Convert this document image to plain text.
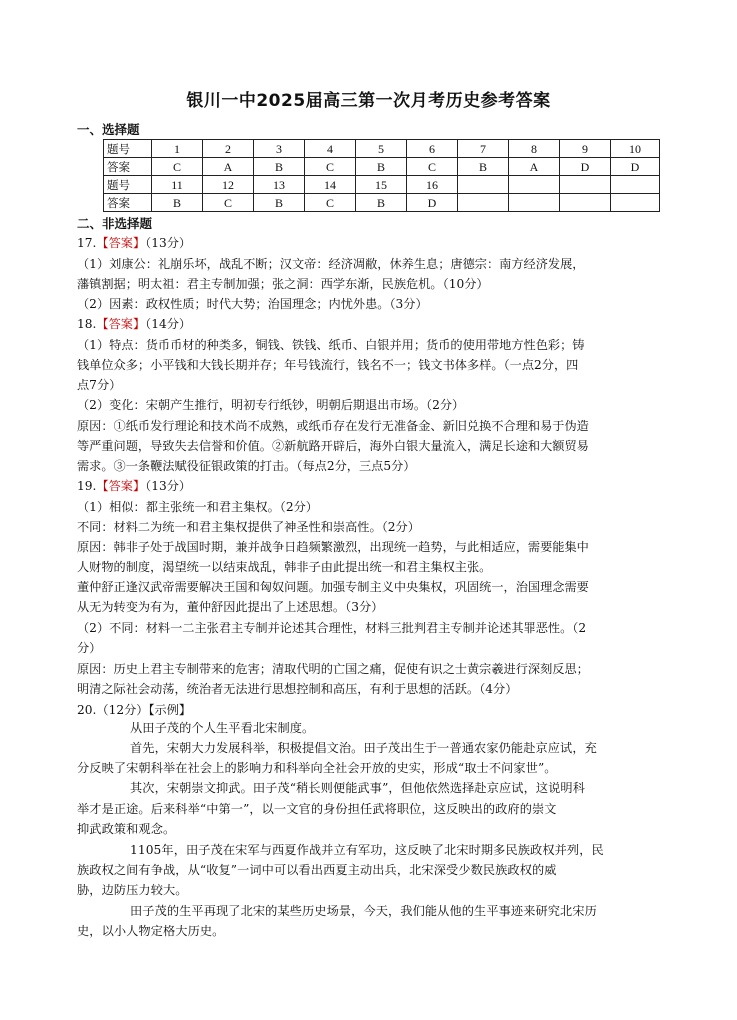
银川一中2025届高三第一次月考历史参考答案
一、选择题
题号	1	2	3	4	5	6	7	8	9	10
答案	C	A	B	C	B	C	B	A	D	D
题号	11	12	13	14	15	16				
答案	B	C	B	C	B	D				
二、非选择题
17.【答案】（13分）
（1）刘康公：礼崩乐坏，战乱不断；汉文帝：经济凋敝，休养生息；唐德宗：南方经济发展，
藩镇割据；明太祖：君主专制加强；张之洞：西学东渐，民族危机。（10分）
（2）因素：政权性质；时代大势；治国理念；内忧外患。（3分）
18.【答案】（14分）
（1）特点：货币币材的种类多，铜钱、铁钱、纸币、白银并用；货币的使用带地方性色彩；铸
钱单位众多；小平钱和大钱长期并存；年号钱流行，钱名不一；钱文书体多样。（一点2分，四
点7分）
（2）变化：宋朝产生推行，明初专行纸钞，明朝后期退出市场。（2分）
原因：①纸币发行理论和技术尚不成熟，或纸币存在发行无准备金、新旧兑换不合理和易于伪造
等严重问题，导致失去信誉和价值。②新航路开辟后，海外白银大量流入，满足长途和大额贸易
需求。③一条鞭法赋役征银政策的打击。（每点2分，三点5分）
19.【答案】（13分）
（1）相似：都主张统一和君主集权。（2分）
不同：材料二为统一和君主集权提供了神圣性和崇高性。（2分）
原因：韩非子处于战国时期，兼并战争日趋频繁激烈，出现统一趋势，与此相适应，需要能集中
人财物的制度，渴望统一以结束战乱，韩非子由此提出统一和君主集权主张。
董仲舒正逢汉武帝需要解决王国和匈奴问题。加强专制主义中央集权，巩固统一，治国理念需要
从无为转变为有为，董仲舒因此提出了上述思想。（3分）
（2）不同：材料一二主张君主专制并论述其合理性，材料三批判君主专制并论述其罪恶性。（2
分）
原因：历史上君主专制带来的危害；清取代明的亡国之痛，促使有识之士黄宗羲进行深刻反思；
明清之际社会动荡，统治者无法进行思想控制和高压，有利于思想的活跃。（4分）
20.（12分）【示例】
从田子茂的个人生平看北宋制度。
首先，宋朝大力发展科举，积极提倡文治。田子茂出生于一普通农家仍能赴京应试，充
分反映了宋朝科举在社会上的影响力和科举向全社会开放的史实，形成“取士不问家世”。
其次，宋朝崇文抑武。田子茂“稍长则便能武事”，但他依然选择赴京应试，这说明科
举才是正途。后来科举“中第一”，以一文官的身份担任武将职位，这反映出的政府的崇文
抑武政策和观念。
1105年，田子茂在宋军与西夏作战并立有军功，这反映了北宋时期多民族政权并列，民
族政权之间有争战，从“收复”一词中可以看出西夏主动出兵，北宋深受少数民族政权的威
胁，边防压力较大。
田子茂的生平再现了北宋的某些历史场景，今天，我们能从他的生平事迹来研究北宋历
史，以小人物定格大历史。
